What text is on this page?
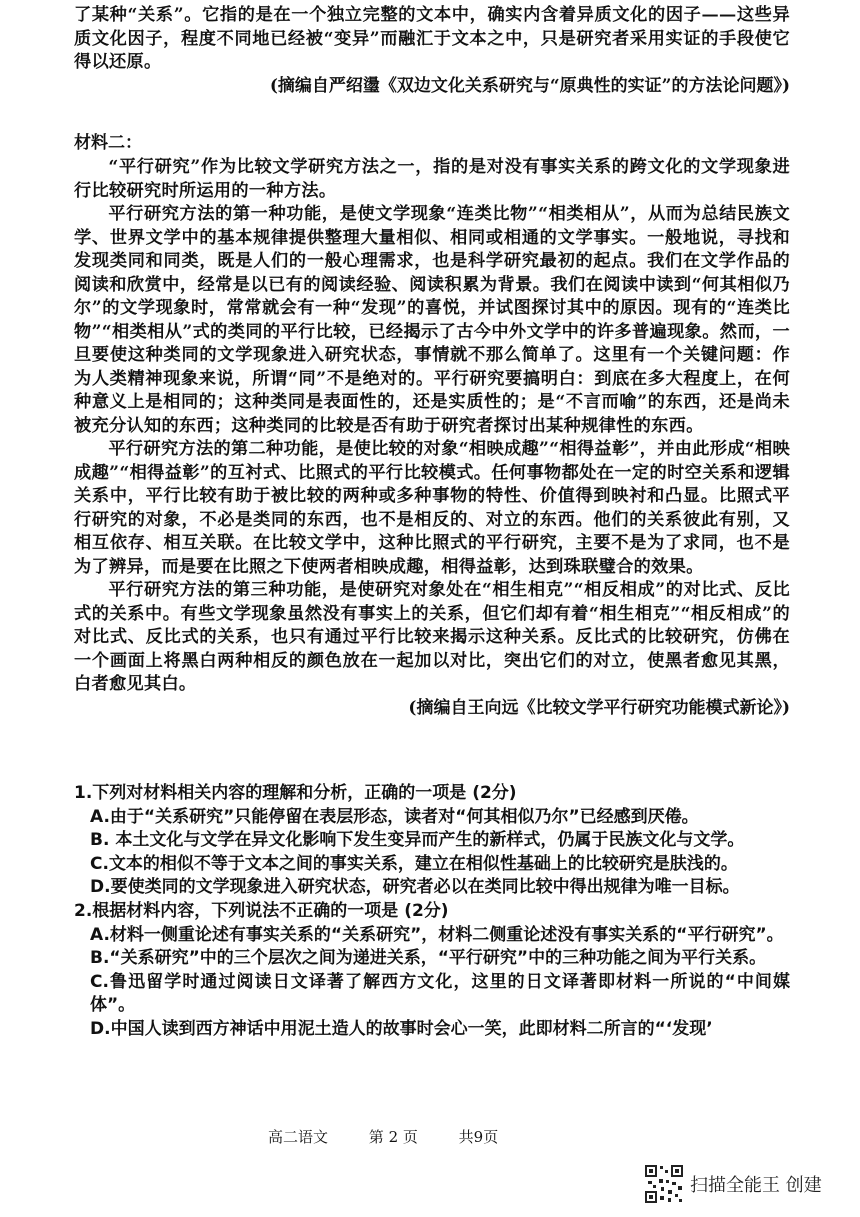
了某种“关系”。它指的是在一个独立完整的文本中，确实内含着异质文化的因子——这些异质文化因子，程度不同地已经被“变异”而融汇于文本之中，只是研究者采用实证的手段使它得以还原。

(摘编自严绍璗《双边文化关系研究与“原典性的实证”的方法论问题》)

材料二：

“平行研究”作为比较文学研究方法之一，指的是对没有事实关系的跨文化的文学现象进行比较研究时所运用的一种方法。

平行研究方法的第一种功能，是使文学现象“连类比物”“相类相从”，从而为总结民族文学、世界文学中的基本规律提供整理大量相似、相同或相通的文学事实。一般地说，寻找和发现类同和同类，既是人们的一般心理需求，也是科学研究最初的起点。我们在文学作品的阅读和欣赏中，经常是以已有的阅读经验、阅读积累为背景。我们在阅读中读到“何其相似乃尔”的文学现象时，常常就会有一种“发现”的喜悦，并试图探讨其中的原因。现有的“连类比物”“相类相从”式的类同的平行比较，已经揭示了古今中外文学中的许多普遍现象。然而，一旦要使这种类同的文学现象进入研究状态，事情就不那么简单了。这里有一个关键问题：作为人类精神现象来说，所谓“同”不是绝对的。平行研究要搞明白：到底在多大程度上，在何种意义上是相同的；这种类同是表面性的，还是实质性的；是“不言而喻”的东西，还是尚未被充分认知的东西；这种类同的比较是否有助于研究者探讨出某种规律性的东西。

平行研究方法的第二种功能，是使比较的对象“相映成趣”“相得益彰”，并由此形成“相映成趣”“相得益彰”的互衬式、比照式的平行比较模式。任何事物都处在一定的时空关系和逻辑关系中，平行比较有助于被比较的两种或多种事物的特性、价值得到映衬和凸显。比照式平行研究的对象，不必是类同的东西，也不是相反的、对立的东西。他们的关系彼此有别，又相互依存、相互关联。在比较文学中，这种比照式的平行研究，主要不是为了求同，也不是为了辨异，而是要在比照之下使两者相映成趣，相得益彰，达到珠联璧合的效果。

平行研究方法的第三种功能，是使研究对象处在“相生相克”“相反相成”的对比式、反比式的关系中。有些文学现象虽然没有事实上的关系，但它们却有着“相生相克”“相反相成”的对比式、反比式的关系，也只有通过平行比较来揭示这种关系。反比式的比较研究，仿佛在一个画面上将黑白两种相反的颜色放在一起加以对比，突出它们的对立，使黑者愈见其黑，白者愈见其白。

(摘编自王向远《比较文学平行研究功能模式新论》)

1.下列对材料相关内容的理解和分析，正确的一项是 (2分)

A.由于“关系研究”只能停留在表层形态，读者对“何其相似乃尔”已经感到厌倦。

B. 本土文化与文学在异文化影响下发生变异而产生的新样式，仍属于民族文化与文学。

C.文本的相似不等于文本之间的事实关系，建立在相似性基础上的比较研究是肤浅的。

D.要使类同的文学现象进入研究状态，研究者必以在类同比较中得出规律为唯一目标。

2.根据材料内容，下列说法不正确的一项是 (2分)

A.材料一侧重论述有事实关系的“关系研究”，材料二侧重论述没有事实关系的“平行研究”。

B.“关系研究”中的三个层次之间为递进关系，“平行研究”中的三种功能之间为平行关系。

C.鲁迅留学时通过阅读日文译著了解西方文化，这里的日文译著即材料一所说的“中间媒体”。

D.中国人读到西方神话中用泥土造人的故事时会心一笑，此即材料二所言的“‘发现’

高二语文	第 2 页	共9页
扫描全能王 创建
